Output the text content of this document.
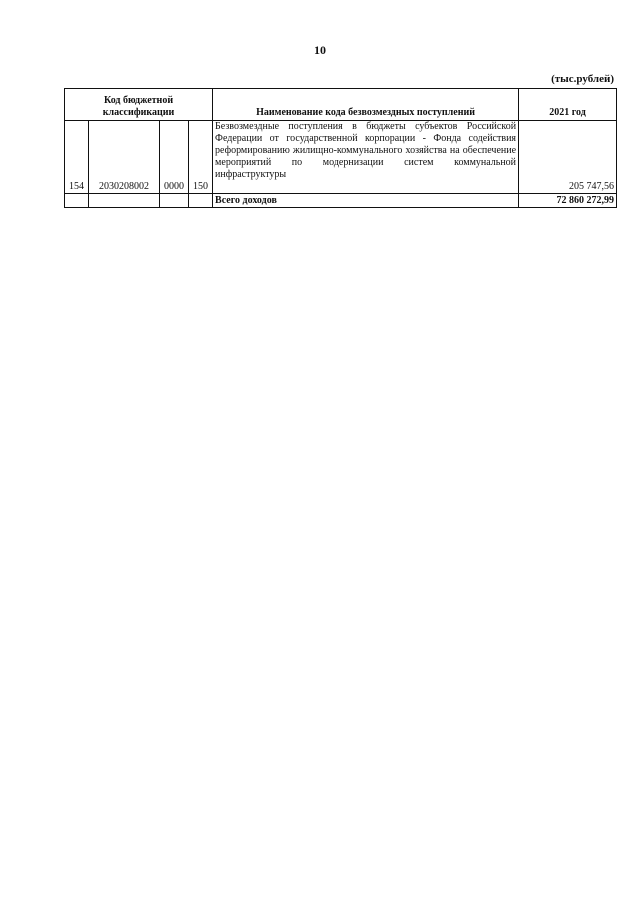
10
(тыс.рублей)
Код бюджетной классификации				Наименование кода безвозмездных поступлений	2021 год
154	2030208002	0000	150	Безвозмездные поступления в бюджеты субъектов Российской Федерации от государственной корпорации - Фонда содействия реформированию жилищно-коммунального хозяйства на обеспечение мероприятий по модернизации систем коммунальной инфраструктуры	205 747,56
				Всего доходов	72 860 272,99
